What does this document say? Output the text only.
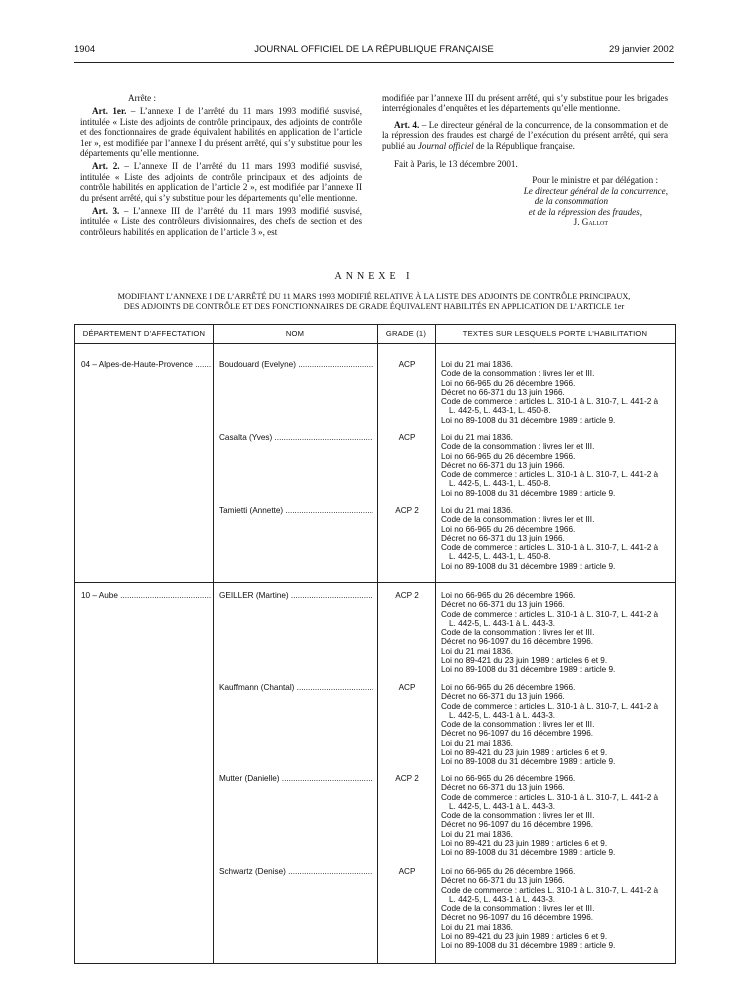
1904	JOURNAL OFFICIEL DE LA RÉPUBLIQUE FRANÇAISE	29 janvier 2002

Arrête :

Art. 1er. – L’annexe I de l’arrêté du 11 mars 1993 modifié susvisé, intitulée « Liste des adjoints de contrôle principaux, des adjoints de contrôle et des fonctionnaires de grade équivalent habilités en application de l’article 1er », est modifiée par l’annexe I du présent arrêté, qui s’y substitue pour les départements qu’elle mentionne.

Art. 2. – L’annexe II de l’arrêté du 11 mars 1993 modifié susvisé, intitulée « Liste des adjoints de contrôle principaux et des adjoints de contrôle habilités en application de l’article 2 », est modifiée par l’annexe II du présent arrêté, qui s’y substitue pour les départements qu’elle mentionne.

Art. 3. – L’annexe III de l’arrêté du 11 mars 1993 modifié susvisé, intitulée « Liste des contrôleurs divisionnaires, des chefs de section et des contrôleurs habilités en application de l’article 3 », est

modifiée par l’annexe III du présent arrêté, qui s’y substitue pour les brigades interrégionales d’enquêtes et les départements qu’elle mentionne.

Art. 4. – Le directeur général de la concurrence, de la consommation et de la répression des fraudes est chargé de l’exécution du présent arrêté, qui sera publié au Journal officiel de la République française.

Fait à Paris, le 13 décembre 2001.

Pour le ministre et par délégation :
Le directeur général de la concurrence,
de la consommation
et de la répression des fraudes,
J. Gallot
ANNEXE I
MODIFIANT L’ANNEXE I DE L’ARRÊTÉ DU 11 MARS 1993 MODIFIÉ RELATIVE À LA LISTE DES ADJOINTS DE CONTRÔLE PRINCIPAUX,
DES ADJOINTS DE CONTRÔLE ET DES FONCTIONNAIRES DE GRADE ÉQUIVALENT HABILITÉS EN APPLICATION DE L’ARTICLE 1er
DÉPARTEMENT D’AFFECTATION	NOM	GRADE (1)	TEXTES SUR LESQUELS PORTE L’HABILITATION
04 – Alpes-de-Haute-Provence .....	Boudouard (Evelyne) .....	ACP	Loi du 21 mai 1836.
Code de la consommation : livres Ier et III.
Loi no 66-965 du 26 décembre 1966.
Décret no 66-371 du 13 juin 1966.
Code de commerce : articles L. 310-1 à L. 310-7, L. 441-2 à
L. 442-5, L. 443-1, L. 450-8.
Loi no 89-1008 du 31 décembre 1989 : article 9.
Casalta (Yves) .....	ACP	Loi du 21 mai 1836.
Code de la consommation : livres Ier et III.
Loi no 66-965 du 26 décembre 1966.
Décret no 66-371 du 13 juin 1966.
Code de commerce : articles L. 310-1 à L. 310-7, L. 441-2 à
L. 442-5, L. 443-1, L. 450-8.
Loi no 89-1008 du 31 décembre 1989 : article 9.
Tamietti (Annette) .....	ACP 2	Loi du 21 mai 1836.
Code de la consommation : livres Ier et III.
Loi no 66-965 du 26 décembre 1966.
Décret no 66-371 du 13 juin 1966.
Code de commerce : articles L. 310-1 à L. 310-7, L. 441-2 à
L. 442-5, L. 443-1, L. 450-8.
Loi no 89-1008 du 31 décembre 1989 : article 9.
10 – Aube .....	GEILLER (Martine) .....	ACP 2	Loi no 66-965 du 26 décembre 1966.
Décret no 66-371 du 13 juin 1966.
Code de commerce : articles L. 310-1 à L. 310-7, L. 441-2 à
L. 442-5, L. 443-1 à L. 443-3.
Code de la consommation : livres Ier et III.
Décret no 96-1097 du 16 décembre 1996.
Loi du 21 mai 1836.
Loi no 89-421 du 23 juin 1989 : articles 6 et 9.
Loi no 89-1008 du 31 décembre 1989 : article 9.
Kauffmann (Chantal) .....	ACP	Loi no 66-965 du 26 décembre 1966.
Décret no 66-371 du 13 juin 1966.
Code de commerce : articles L. 310-1 à L. 310-7, L. 441-2 à
L. 442-5, L. 443-1 à L. 443-3.
Code de la consommation : livres Ier et III.
Décret no 96-1097 du 16 décembre 1996.
Loi du 21 mai 1836.
Loi no 89-421 du 23 juin 1989 : articles 6 et 9.
Loi no 89-1008 du 31 décembre 1989 : article 9.
Mutter (Danielle) .....	ACP 2	Loi no 66-965 du 26 décembre 1966.
Décret no 66-371 du 13 juin 1966.
Code de commerce : articles L. 310-1 à L. 310-7, L. 441-2 à
L. 442-5, L. 443-1 à L. 443-3.
Code de la consommation : livres Ier et III.
Décret no 96-1097 du 16 décembre 1996.
Loi du 21 mai 1836.
Loi no 89-421 du 23 juin 1989 : articles 6 et 9.
Loi no 89-1008 du 31 décembre 1989 : article 9.
Schwartz (Denise) .....	ACP	Loi no 66-965 du 26 décembre 1966.
Décret no 66-371 du 13 juin 1966.
Code de commerce : articles L. 310-1 à L. 310-7, L. 441-2 à
L. 442-5, L. 443-1 à L. 443-3.
Code de la consommation : livres Ier et III.
Décret no 96-1097 du 16 décembre 1996.
Loi du 21 mai 1836.
Loi no 89-421 du 23 juin 1989 : articles 6 et 9.
Loi no 89-1008 du 31 décembre 1989 : article 9.
